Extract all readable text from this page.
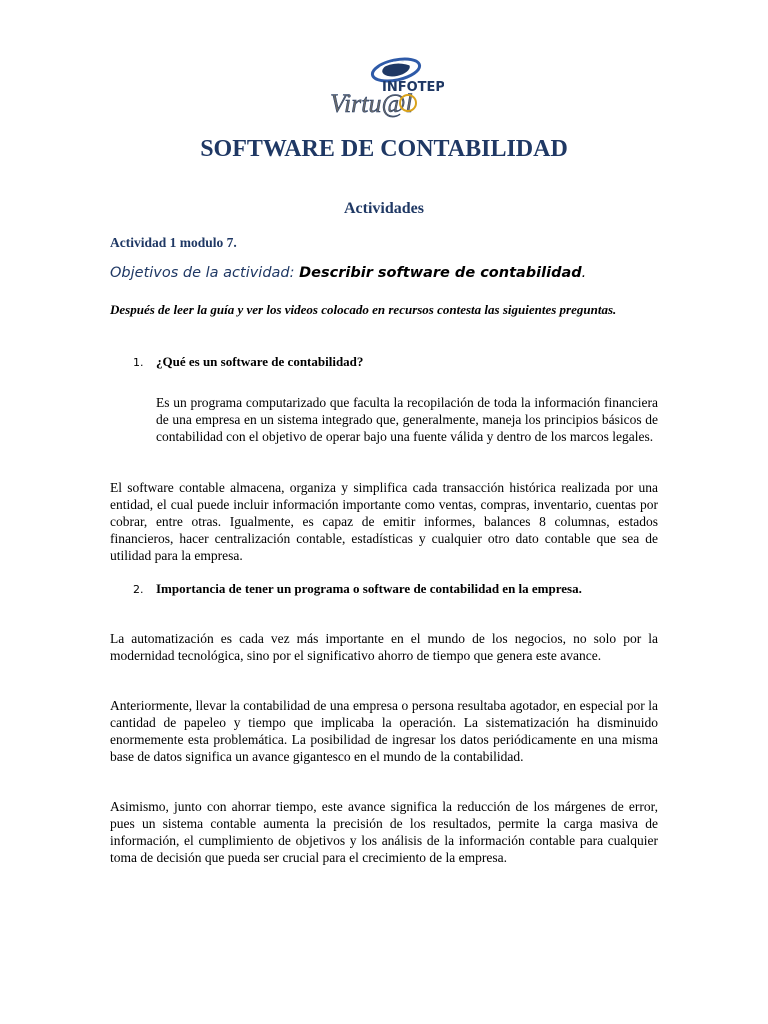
INFOTEP
Virtu@l
SOFTWARE DE CONTABILIDAD
Actividades

Actividad 1 modulo 7.

Objetivos de la actividad: Describir software de contabilidad.

Después de leer la guía y ver los videos colocado en recursos contesta las siguientes preguntas.

1. ¿Qué es un software de contabilidad?

Es un programa computarizado que faculta la recopilación de toda la información financiera de una empresa en un sistema integrado que, generalmente, maneja los principios básicos de contabilidad con el objetivo de operar bajo una fuente válida y dentro de los marcos legales.

El software contable almacena, organiza y simplifica cada transacción histórica realizada por una entidad, el cual puede incluir información importante como ventas, compras, inventario, cuentas por cobrar, entre otras. Igualmente, es capaz de emitir informes, balances 8 columnas, estados financieros, hacer centralización contable, estadísticas y cualquier otro dato contable que sea de utilidad para la empresa.

2. Importancia de tener un programa o software de contabilidad en la empresa.

La automatización es cada vez más importante en el mundo de los negocios, no solo por la modernidad tecnológica, sino por el significativo ahorro de tiempo que genera este avance.

Anteriormente, llevar la contabilidad de una empresa o persona resultaba agotador, en especial por la cantidad de papeleo y tiempo que implicaba la operación. La sistematización ha disminuido enormemente esta problemática. La posibilidad de ingresar los datos periódicamente en una misma base de datos significa un avance gigantesco en el mundo de la contabilidad.

Asimismo, junto con ahorrar tiempo, este avance significa la reducción de los márgenes de error, pues un sistema contable aumenta la precisión de los resultados, permite la carga masiva de información, el cumplimiento de objetivos y los análisis de la información contable para cualquier toma de decisión que pueda ser crucial para el crecimiento de la empresa.
